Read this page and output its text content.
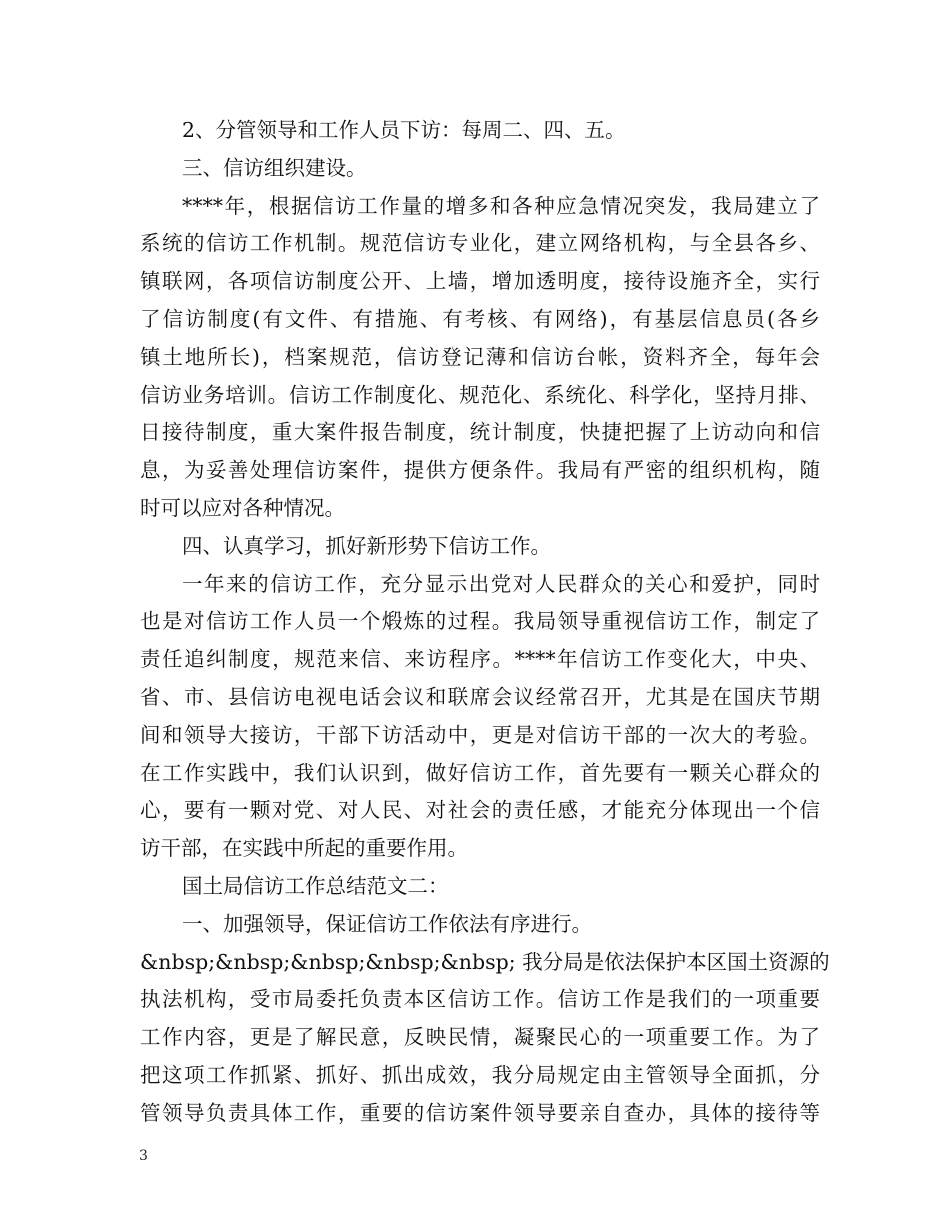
2、分管领导和工作人员下访：每周二、四、五。
三、信访组织建设。
****年，根据信访工作量的增多和各种应急情况突发，我局建立了
系统的信访工作机制。规范信访专业化，建立网络机构，与全县各乡、
镇联网，各项信访制度公开、上墙，增加透明度，接待设施齐全，实行
了信访制度(有文件、有措施、有考核、有网络)，有基层信息员(各乡
镇土地所长)，档案规范，信访登记薄和信访台帐，资料齐全，每年会
信访业务培训。信访工作制度化、规范化、系统化、科学化，坚持月排、
日接待制度，重大案件报告制度，统计制度，快捷把握了上访动向和信
息，为妥善处理信访案件，提供方便条件。我局有严密的组织机构，随
时可以应对各种情况。
四、认真学习，抓好新形势下信访工作。
一年来的信访工作，充分显示出党对人民群众的关心和爱护，同时
也是对信访工作人员一个煅炼的过程。我局领导重视信访工作，制定了
责任追纠制度，规范来信、来访程序。****年信访工作变化大，中央、
省、市、县信访电视电话会议和联席会议经常召开，尤其是在国庆节期
间和领导大接访，干部下访活动中，更是对信访干部的一次大的考验。
在工作实践中，我们认识到，做好信访工作，首先要有一颗关心群众的
心，要有一颗对党、对人民、对社会的责任感，才能充分体现出一个信
访干部，在实践中所起的重要作用。
国土局信访工作总结范文二：
一、加强领导，保证信访工作依法有序进行。
&nbsp;&nbsp;&nbsp;&nbsp;&nbsp; 我分局是依法保护本区国土资源的
执法机构，受市局委托负责本区信访工作。信访工作是我们的一项重要
工作内容，更是了解民意，反映民情，凝聚民心的一项重要工作。为了
把这项工作抓紧、抓好、抓出成效，我分局规定由主管领导全面抓，分
管领导负责具体工作，重要的信访案件领导要亲自查办，具体的接待等
3
